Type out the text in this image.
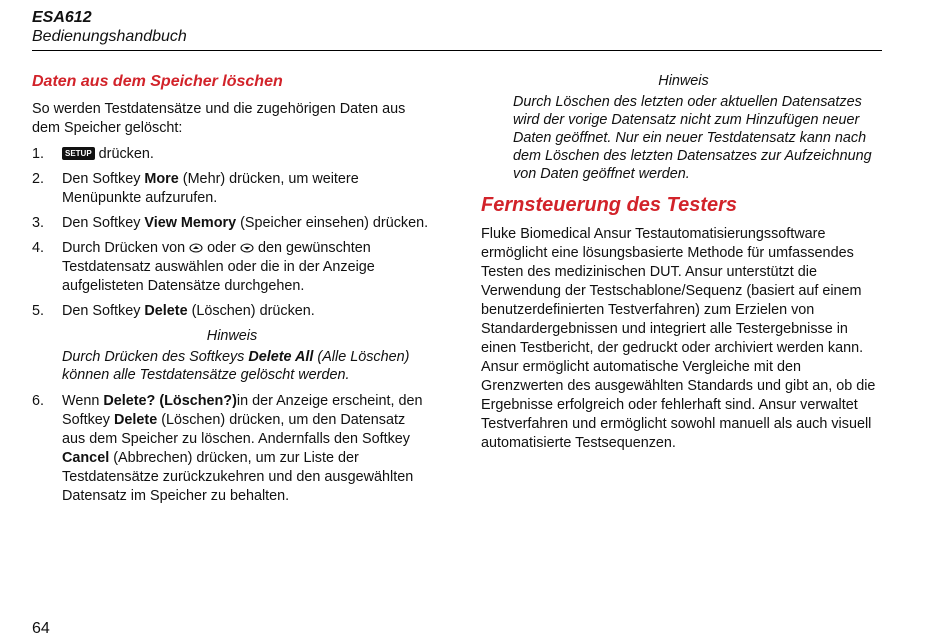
ESA612
Bedienungshandbuch
Daten aus dem Speicher löschen

So werden Testdatensätze und die zugehörigen Daten aus dem Speicher gelöscht:

1.	SETUP drücken.
2. Den Softkey More (Mehr) drücken, um weitere Menüpunkte aufzurufen.
3. Den Softkey View Memory (Speicher einsehen) drücken.
4. Durch Drücken von oder den gewünschten Testdatensatz auswählen oder die in der Anzeige aufgelisteten Datensätze durchgehen.
5. Den Softkey Delete (Löschen) drücken.
Hinweis
Durch Drücken des Softkeys Delete All (Alle Löschen) können alle Testdatensätze gelöscht werden.
6. Wenn Delete? (Löschen?)in der Anzeige erscheint, den Softkey Delete (Löschen) drücken, um den Datensatz aus dem Speicher zu löschen. Andernfalls den Softkey Cancel (Abbrechen) drücken, um zur Liste der Testdatensätze zurückzukehren und den ausgewählten Datensatz im Speicher zu behalten.
Hinweis
Durch Löschen des letzten oder aktuellen Datensatzes wird der vorige Datensatz nicht zum Hinzufügen neuer Daten geöffnet. Nur ein neuer Testdatensatz kann nach dem Löschen des letzten Datensatzes zur Aufzeichnung von Daten geöffnet werden.
Fernsteuerung des Testers

Fluke Biomedical Ansur Testautomatisierungssoftware ermöglicht eine lösungsbasierte Methode für umfassendes Testen des medizinischen DUT. Ansur unterstützt die Verwendung der Testschablone/Sequenz (basiert auf einem benutzerdefinierten Testverfahren) zum Erzielen von Standardergebnissen und integriert alle Testergebnisse in einen Testbericht, der gedruckt oder archiviert werden kann. Ansur ermöglicht automatische Vergleiche mit den Grenzwerten des ausgewählten Standards und gibt an, ob die Ergebnisse erfolgreich oder fehlerhaft sind. Ansur verwaltet Testverfahren und ermöglicht sowohl manuell als auch visuell automatisierte Testsequenzen.

64
